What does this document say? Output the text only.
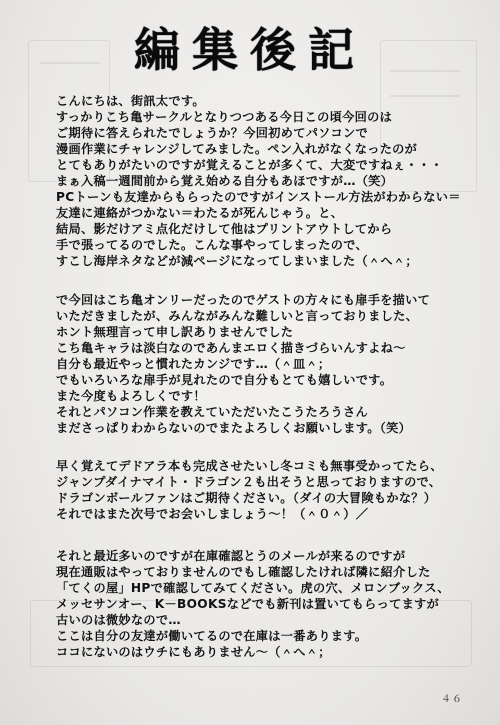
編集後記
こんにちは、街訊太です。
すっかりこち亀サークルとなりつつある今日この頃今回のは
ご期待に答えられたでしょうか？今回初めてパソコンで
漫画作業にチャレンジしてみました。ペン入れがなくなったのが
とてもありがたいのですが覚えることが多くて、大変ですねぇ・・・
まぁ入稿一週間前から覚え始める自分もあほですが…（笑）
PCトーンも友達からもらったのですがインストール方法がわからない＝
友達に連絡がつかない＝わたるが死んじゃう。と、
結局、影だけアミ点化だけして他はプリントアウトしてから
手で張ってるのでした。こんな事やってしまったので、
すこし海岸ネタなどが減ページになってしまいました（＾へ＾；
で今回はこち亀オンリーだったのでゲストの方々にも扉手を描いて
いただきましたが、みんながみんな難しいと言っておりました、
ホント無理言って申し訳ありませんでした
こち亀キャラは淡白なのであんまエロく描きづらいんすよね～
自分も最近やっと慣れたカンジです…（＾皿＾；
でもいろいろな扉手が見れたので自分もとても嬉しいです。
また今度もよろしくです！
それとパソコン作業を教えていただいたこうたろうさん
まださっぱりわからないのでまたよろしくお願いします。（笑）
早く覚えてデドアラ本も完成させたいし冬コミも無事受かってたら、
ジャンプダイナマイト・ドラゴン２も出そうと思っておりますので、
ドラゴンボールファンはご期待ください。（ダイの大冒険もかな？）
それではまた次号でお会いしましょう～！（＾０＾）／
それと最近多いのですが在庫確認とうのメールが来るのですが
現在通販はやっておりませんのでもし確認したければ隣に紹介した
「てくの屋」HPで確認してみてください。虎の穴、メロンブックス、
メッセサンオー、K－BOOKSなどでも新刊は置いてもらってますが
古いのは微妙なので…
ここは自分の友達が働いてるので在庫は一番あります。
ココにないのはウチにもありません～（＾へ＾；
４６
